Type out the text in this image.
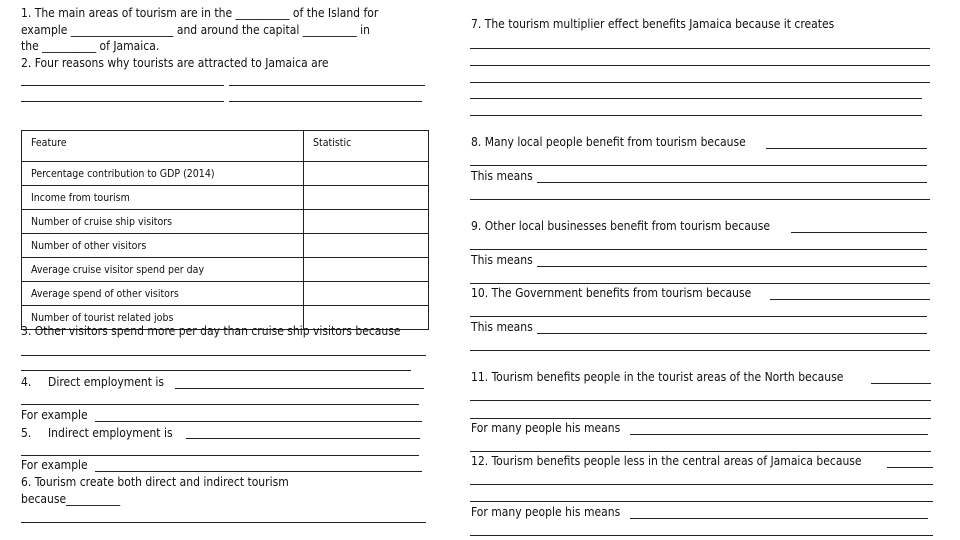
1. The main areas of tourism are in the __________ of the Island for
example ___________________ and around the capital __________ in
the __________ of Jamaica.
2. Four reasons why tourists are attracted to Jamaica are
Feature	Statistic
Percentage contribution to GDP (2014)	
Income from tourism	
Number of cruise ship visitors	
Number of other visitors	
Average cruise visitor spend per day	
Average spend of other visitors	
Number of tourist related jobs	
3. Other visitors spend more per day than cruise ship visitors because
4. Direct employment is
For example
5. Indirect employment is
For example
6. Tourism create both direct and indirect tourism
because__________
7. The tourism multiplier effect benefits Jamaica because it creates
8. Many local people benefit from tourism because
This means
9. Other local businesses benefit from tourism because
This means
10. The Government benefits from tourism because
This means
11. Tourism benefits people in the tourist areas of the North because
For many people his means
12. Tourism benefits people less in the central areas of Jamaica because
For many people his means
